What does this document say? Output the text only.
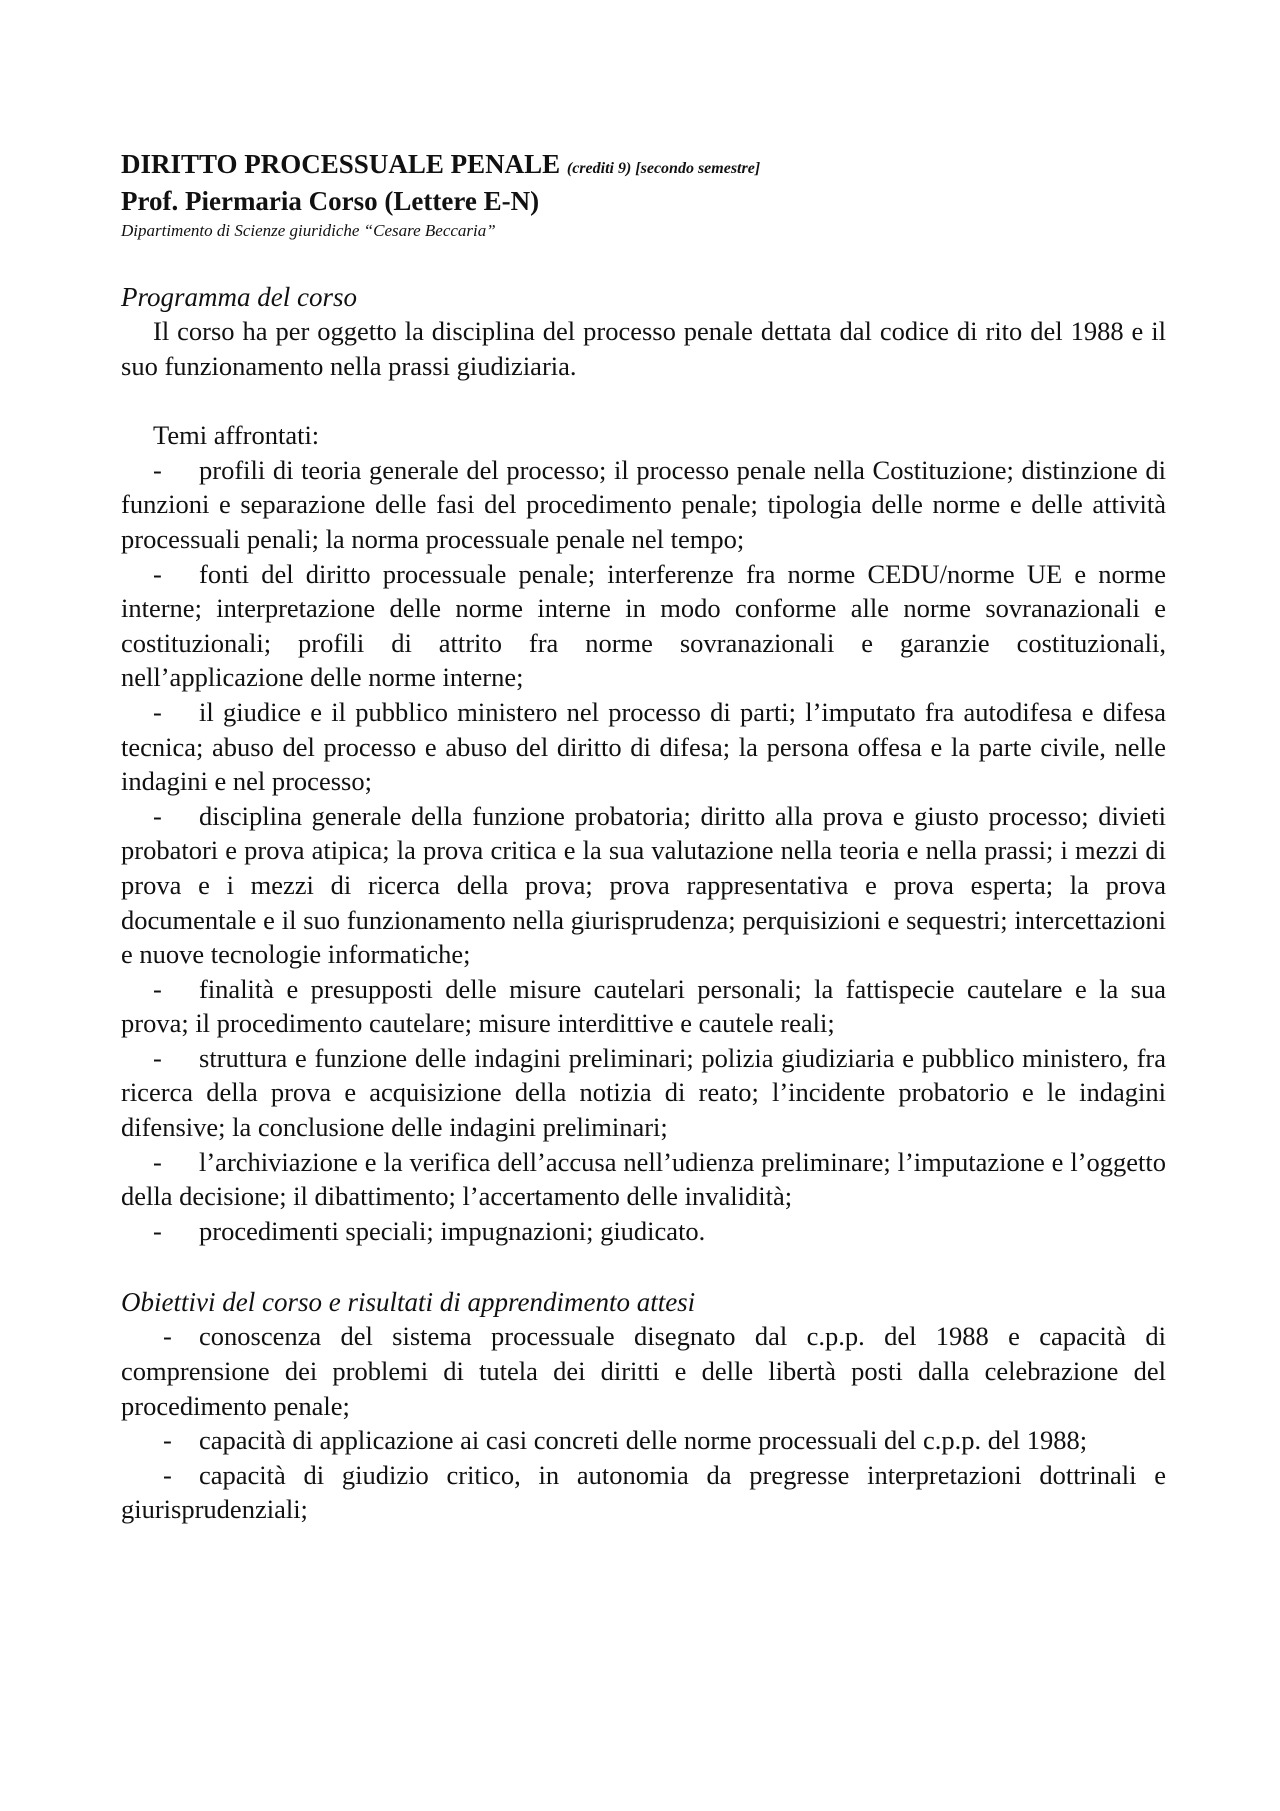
DIRITTO PROCESSUALE PENALE (crediti 9) [secondo semestre]
Prof. Piermaria Corso (Lettere E-N)
Dipartimento di Scienze giuridiche “Cesare Beccaria”
Programma del corso

Il corso ha per oggetto la disciplina del processo penale dettata dal codice di rito del 1988 e il suo funzionamento nella prassi giudiziaria.

Temi affrontati:

- profili di teoria generale del processo; il processo penale nella Costituzione; distinzione di funzioni e separazione delle fasi del procedimento penale; tipologia delle norme e delle attività processuali penali; la norma processuale penale nel tempo;

- fonti del diritto processuale penale; interferenze fra norme CEDU/norme UE e norme interne; interpretazione delle norme interne in modo conforme alle norme sovranazionali e costituzionali; profili di attrito fra norme sovranazionali e garanzie costituzionali, nell’applicazione delle norme interne;

- il giudice e il pubblico ministero nel processo di parti; l’imputato fra autodifesa e difesa tecnica; abuso del processo e abuso del diritto di difesa; la persona offesa e la parte civile, nelle indagini e nel processo;

- disciplina generale della funzione probatoria; diritto alla prova e giusto processo; divieti probatori e prova atipica; la prova critica e la sua valutazione nella teoria e nella prassi; i mezzi di prova e i mezzi di ricerca della prova; prova rappresentativa e prova esperta; la prova documentale e il suo funzionamento nella giurisprudenza; perquisizioni e sequestri; intercettazioni e nuove tecnologie informatiche;

- finalità e presupposti delle misure cautelari personali; la fattispecie cautelare e la sua prova; il procedimento cautelare; misure interdittive e cautele reali;

- struttura e funzione delle indagini preliminari; polizia giudiziaria e pubblico ministero, fra ricerca della prova e acquisizione della notizia di reato; l’incidente probatorio e le indagini difensive; la conclusione delle indagini preliminari;

- l’archiviazione e la verifica dell’accusa nell’udienza preliminare; l’imputazione e l’oggetto della decisione; il dibattimento; l’accertamento delle invalidità;

- procedimenti speciali; impugnazioni; giudicato.

Obiettivi del corso e risultati di apprendimento attesi

- conoscenza del sistema processuale disegnato dal c.p.p. del 1988 e capacità di comprensione dei problemi di tutela dei diritti e delle libertà posti dalla celebrazione del procedimento penale;

- capacità di applicazione ai casi concreti delle norme processuali del c.p.p. del 1988;

- capacità di giudizio critico, in autonomia da pregresse interpretazioni dottrinali e giurisprudenziali;
